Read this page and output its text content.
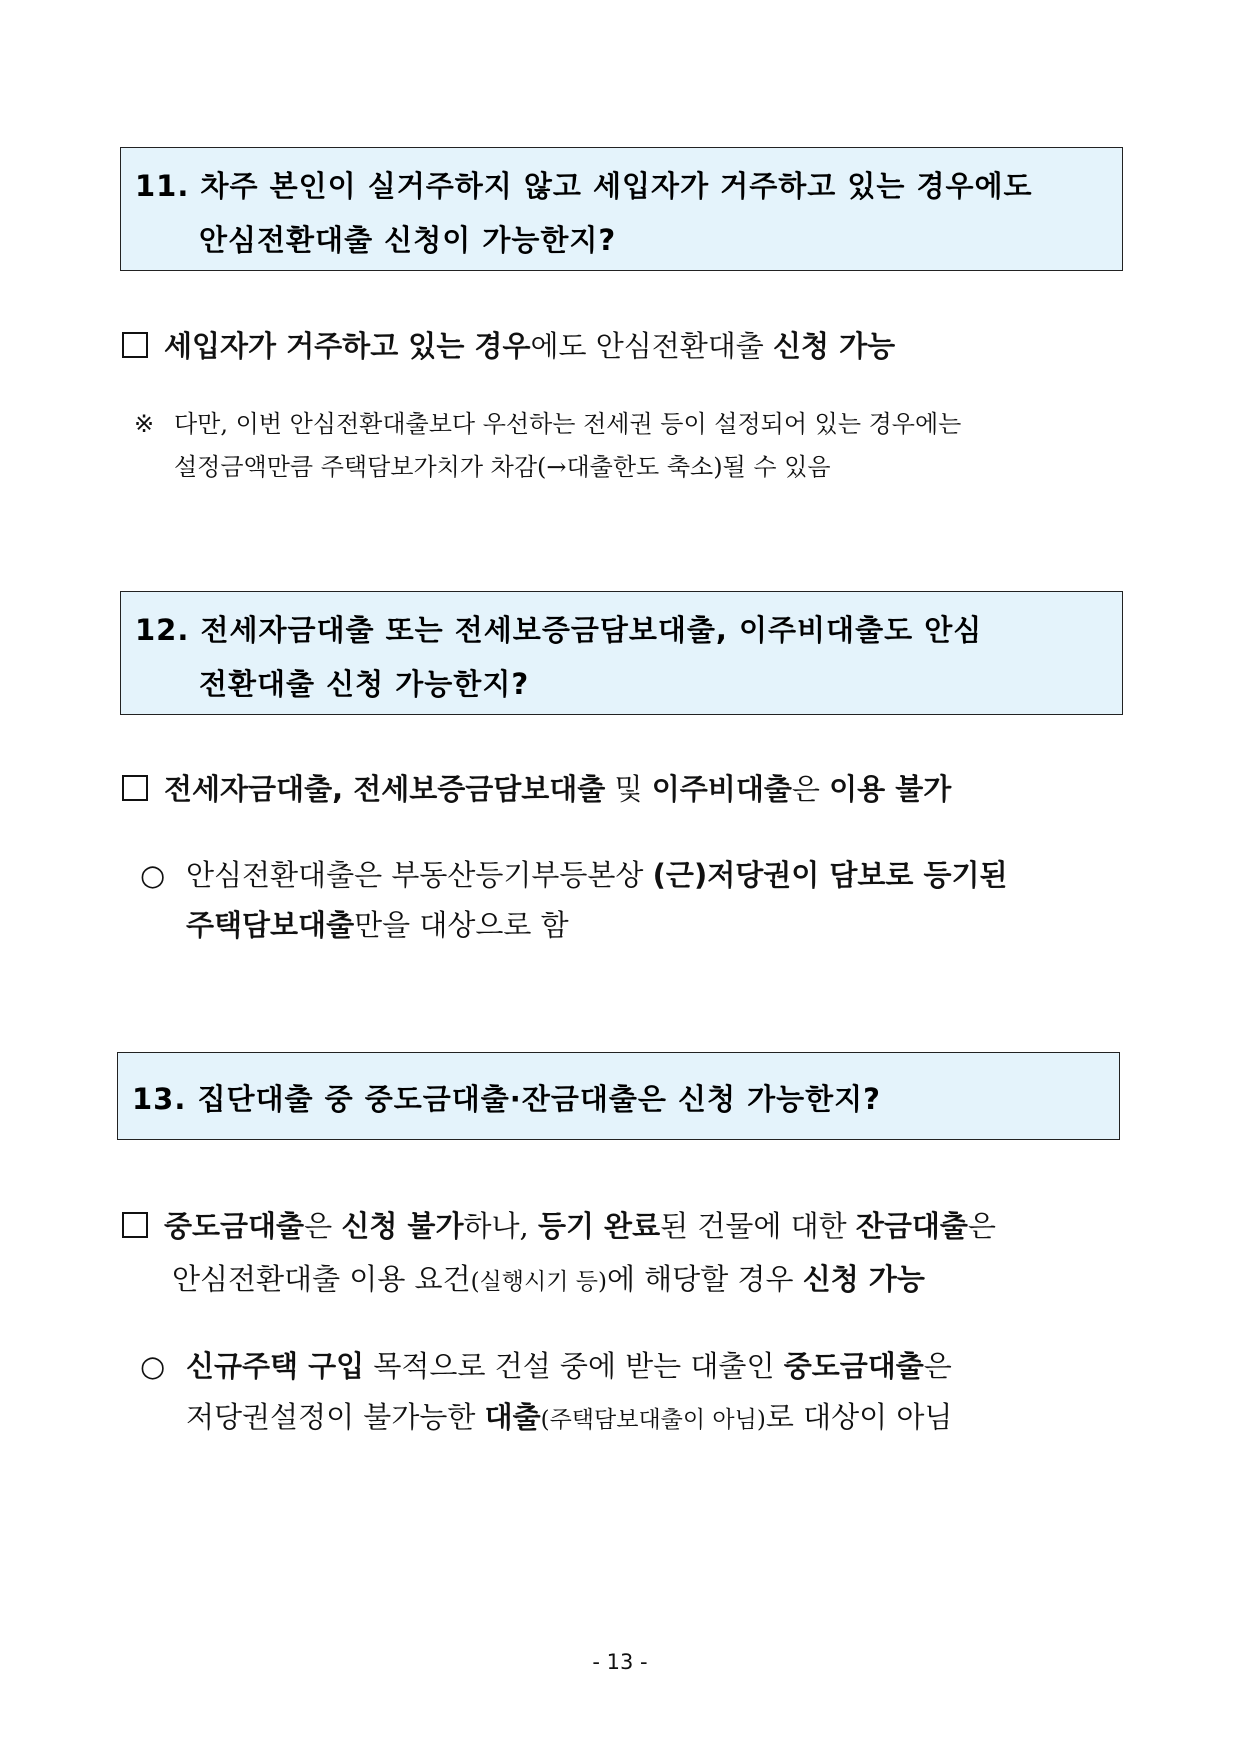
11. 차주 본인이 실거주하지 않고 세입자가 거주하고 있는 경우에도
안심전환대출 신청이 가능한지?
세입자가 거주하고 있는 경우에도 안심전환대출 신청 가능
※ 다만, 이번 안심전환대출보다 우선하는 전세권 등이 설정되어 있는 경우에는
설정금액만큼 주택담보가치가 차감(→대출한도 축소)될 수 있음
12. 전세자금대출 또는 전세보증금담보대출, 이주비대출도 안심
전환대출 신청 가능한지?
전세자금대출, 전세보증금담보대출 및 이주비대출은 이용 불가
○ 안심전환대출은 부동산등기부등본상 (근)저당권이 담보로 등기된
주택담보대출만을 대상으로 함
13. 집단대출 중 중도금대출·잔금대출은 신청 가능한지?
중도금대출은 신청 불가하나, 등기 완료된 건물에 대한 잔금대출은
안심전환대출 이용 요건(실행시기 등)에 해당할 경우 신청 가능
○ 신규주택 구입 목적으로 건설 중에 받는 대출인 중도금대출은
저당권설정이 불가능한 대출(주택담보대출이 아님)로 대상이 아님
- 13 -
